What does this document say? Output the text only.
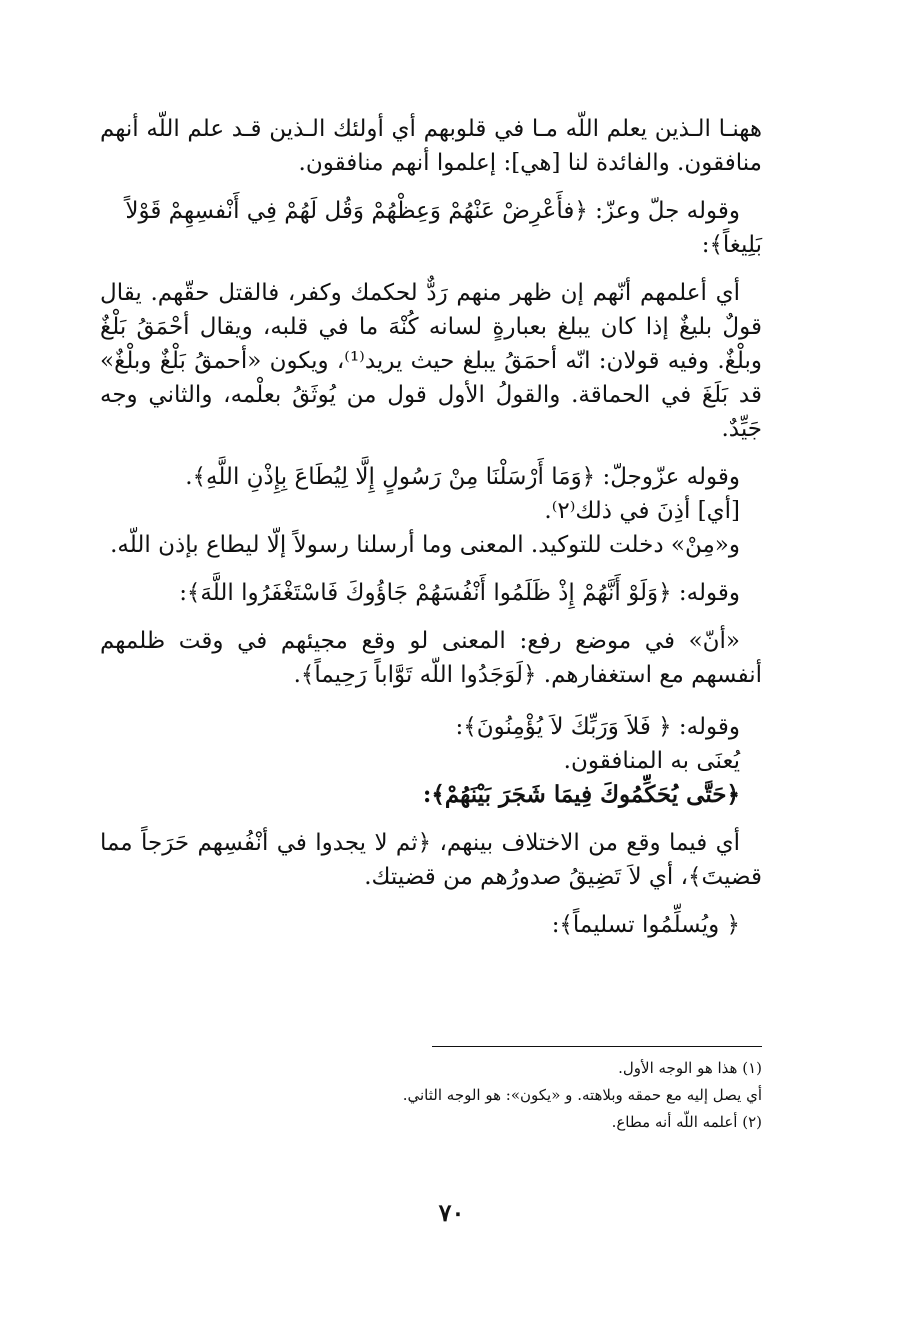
ههنـا الـذين يعلم اللّه مـا في قلوبهم أي أولئك الـذين قـد علم اللّه أنهم منافقون. والفائدة لنا [هي]: إعلموا أنهم منافقون.

وقوله جلّ وعزّ: ﴿فأَعْرِضْ عَنْهُمْ وَعِظْهُمْ وَقُل لَهُمْ فِي أَنْفسِهِمْ قَوْلاً بَلِيغاً﴾:

أي أعلمهم أنّهم إن ظهر منهم رَدٌّ لحكمك وكفر، فالقتل حقّهم. يقال قولٌ بليغٌ إذا كان يبلغ بعبارةٍ لسانه كُنْهَ ما في قلبه، ويقال أحْمَقُ بَلْغٌ وبلْغٌ. وفيه قولان: انّه أحمَقُ يبلغ حيث يريد⁽¹⁾، ويكون «أحمقُ بَلْغٌ وبلْغٌ» قد بَلَغَ في الحماقة. والقولُ الأول قول من يُوثَقُ بعلْمه، والثاني وجه جَيِّدٌ.

وقوله عزّوجلّ: ﴿وَمَا أَرْسَلْنَا مِنْ رَسُولٍ إِلَّا لِيُطَاعَ بِإِذْنِ اللَّهِ﴾.

[أي] أذِنَ في ذلك⁽٢⁾.

و«مِنْ» دخلت للتوكيد. المعنى وما أرسلنا رسولاً إلّا ليطاع بإذن اللّه.

وقوله: ﴿وَلَوْ أَنَّهُمْ إِذْ ظَلَمُوا أَنْفُسَهُمْ جَاؤُوكَ فَاسْتَغْفَرُوا اللَّهَ﴾:

«أنّ» في موضع رفع: المعنى لو وقع مجيئهم في وقت ظلمهم أنفسهم مع استغفارهم. ﴿لَوَجَدُوا اللّه تَوَّاباً رَحِيماً﴾.

وقوله: ﴿ فَلاَ وَرَبِّكَ لاَ يُؤْمِنُونَ﴾:

يُعنَى به المنافقون.

﴿حَتَّى يُحَكِّمُوكَ فِيمَا شَجَرَ بَيْنَهُمْ﴾:

أي فيما وقع من الاختلاف بينهم، ﴿ثم لا يجدوا في أنْفُسِهم حَرَجاً مما قضيتَ﴾، أي لاَ تَضِيقُ صدورُهم من قضيتك.

﴿ ويُسلِّمُوا تسليماً﴾:

(١) هذا هو الوجه الأول.

أي يصل إليه مع حمقه وبلاهته. و «يكون»: هو الوجه الثاني.

(٢) أعلمه اللّه أنه مطاع.

٧٠
